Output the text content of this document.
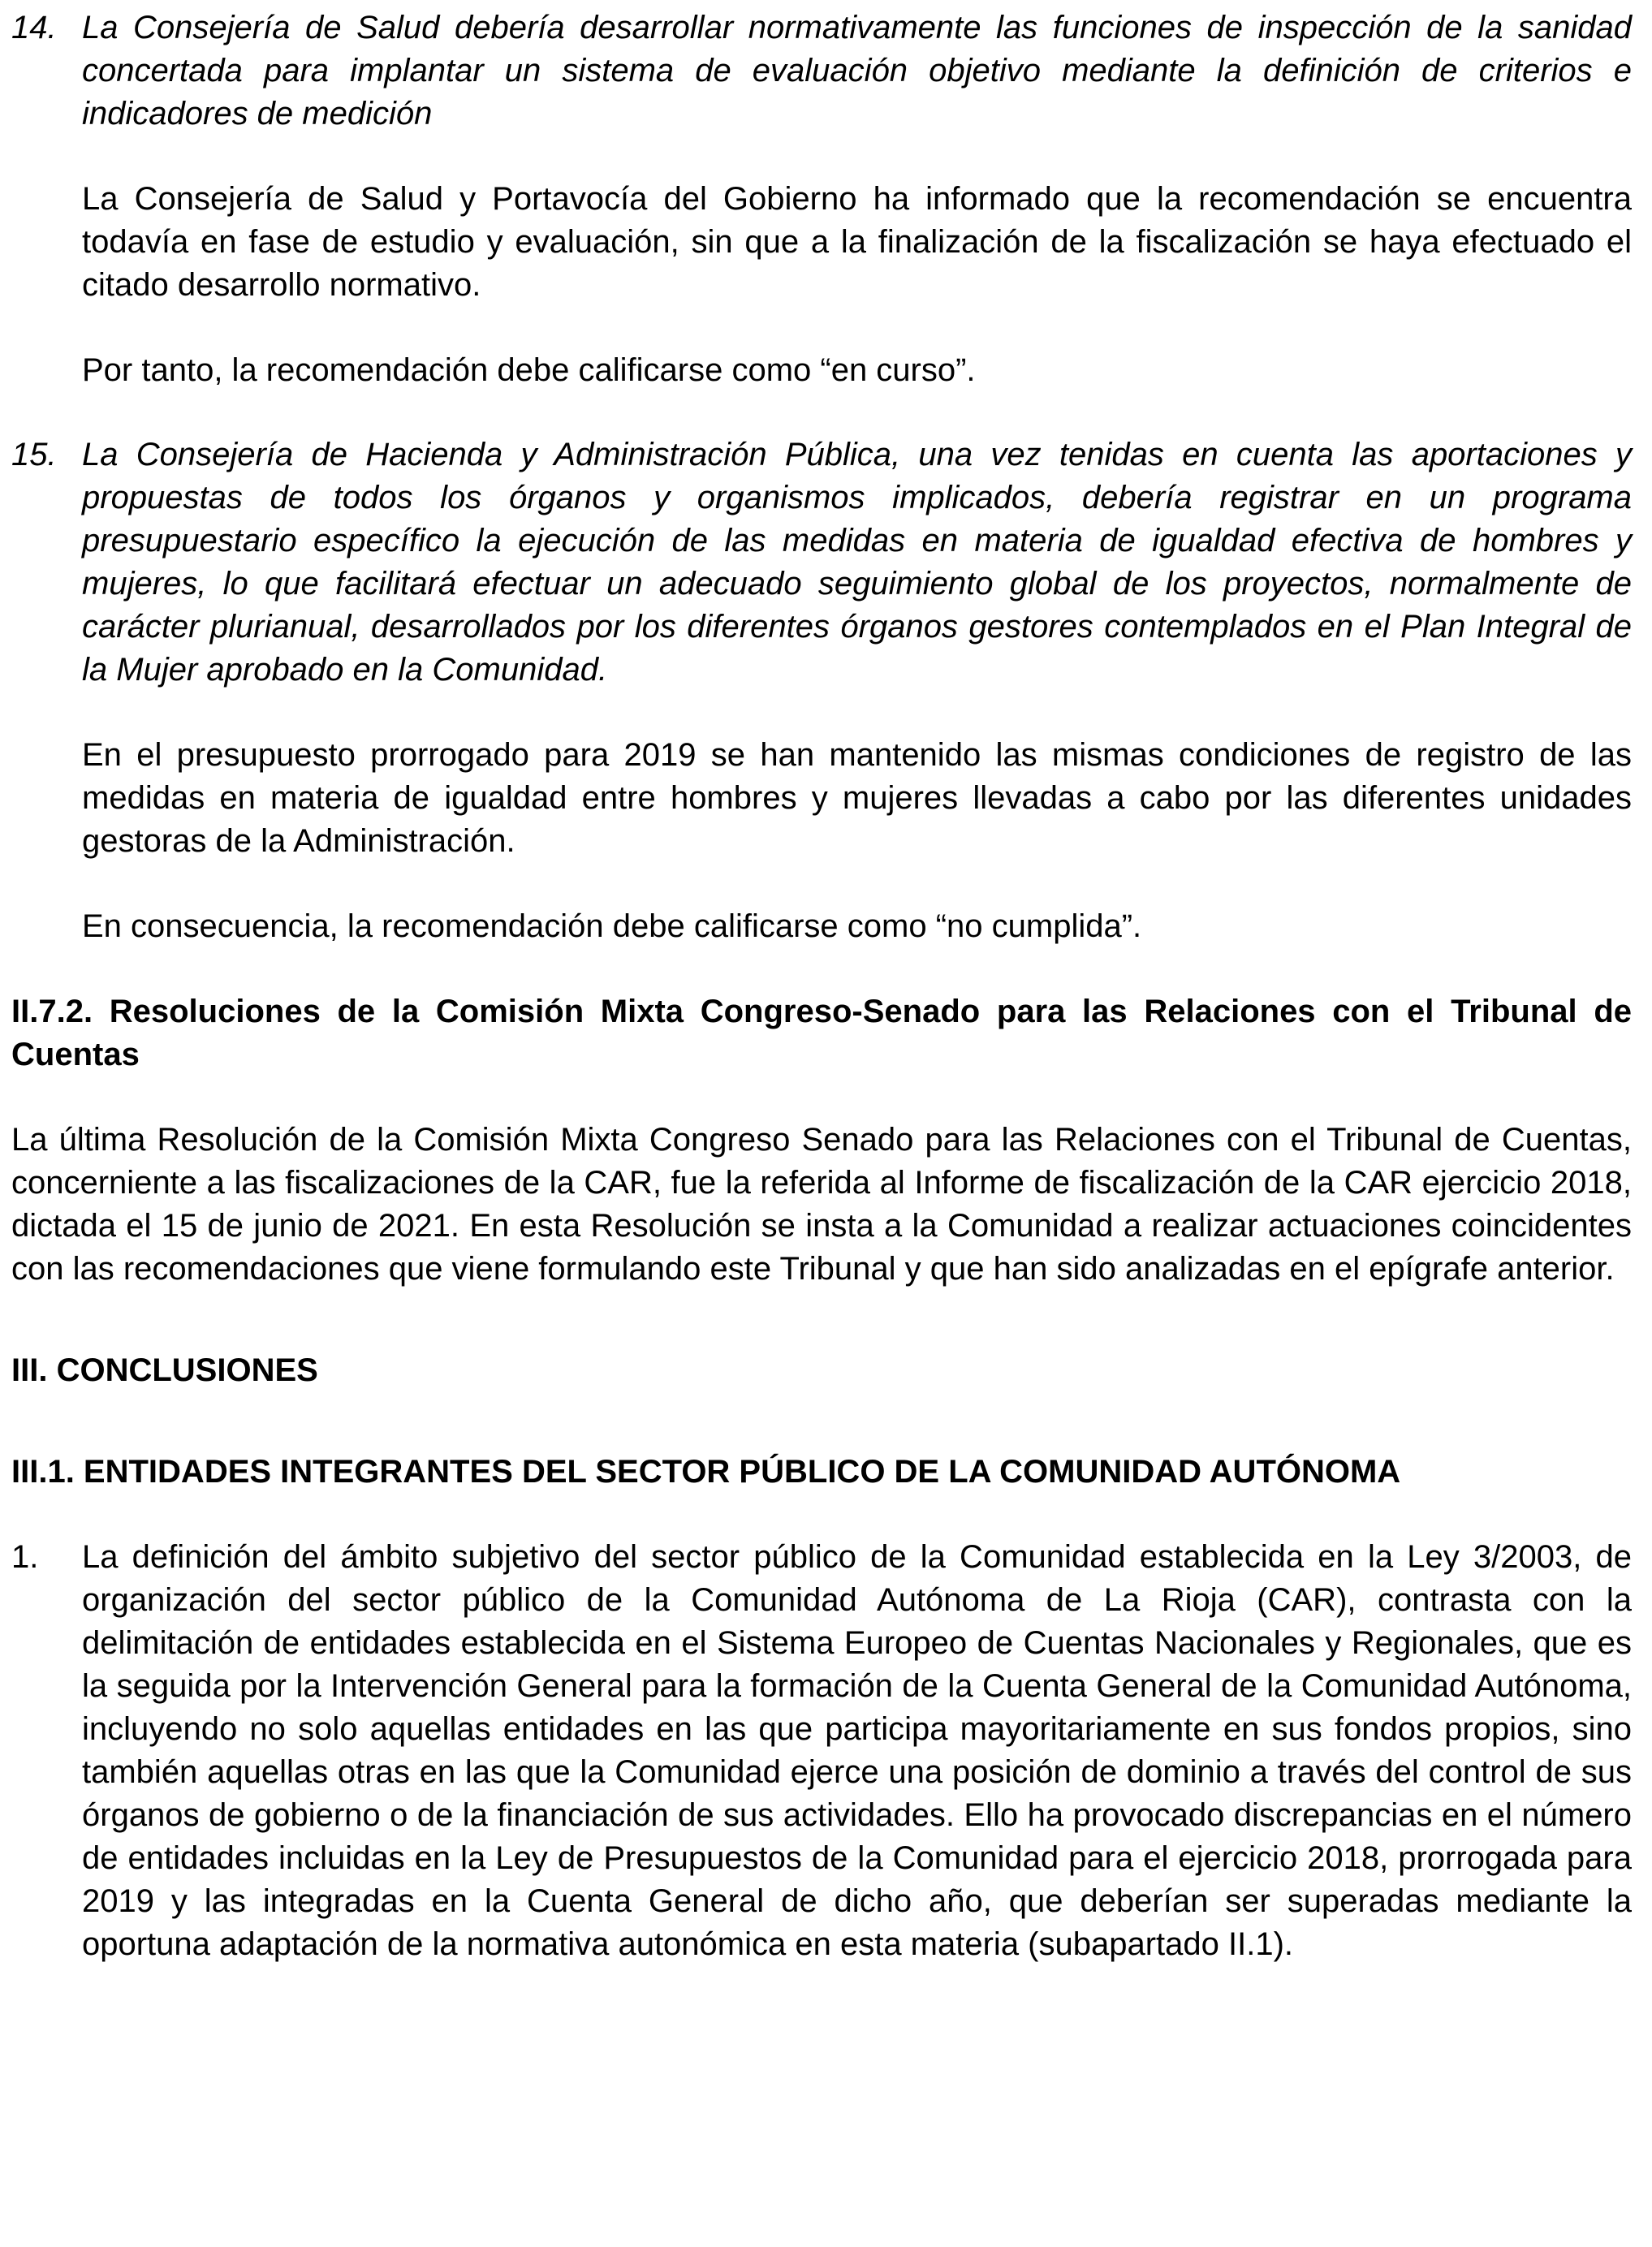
14. La Consejería de Salud debería desarrollar normativamente las funciones de inspección de la sanidad concertada para implantar un sistema de evaluación objetivo mediante la definición de criterios e indicadores de medición

La Consejería de Salud y Portavocía del Gobierno ha informado que la recomendación se encuentra todavía en fase de estudio y evaluación, sin que a la finalización de la fiscalización se haya efectuado el citado desarrollo normativo.

Por tanto, la recomendación debe calificarse como “en curso”.

15. La Consejería de Hacienda y Administración Pública, una vez tenidas en cuenta las aportaciones y propuestas de todos los órganos y organismos implicados, debería registrar en un programa presupuestario específico la ejecución de las medidas en materia de igualdad efectiva de hombres y mujeres, lo que facilitará efectuar un adecuado seguimiento global de los proyectos, normalmente de carácter plurianual, desarrollados por los diferentes órganos gestores contemplados en el Plan Integral de la Mujer aprobado en la Comunidad.

En el presupuesto prorrogado para 2019 se han mantenido las mismas condiciones de registro de las medidas en materia de igualdad entre hombres y mujeres llevadas a cabo por las diferentes unidades gestoras de la Administración.

En consecuencia, la recomendación debe calificarse como “no cumplida”.

II.7.2. Resoluciones de la Comisión Mixta Congreso-Senado para las Relaciones con el Tribunal de Cuentas

La última Resolución de la Comisión Mixta Congreso Senado para las Relaciones con el Tribunal de Cuentas, concerniente a las fiscalizaciones de la CAR, fue la referida al Informe de fiscalización de la CAR ejercicio 2018, dictada el 15 de junio de 2021. En esta Resolución se insta a la Comunidad a realizar actuaciones coincidentes con las recomendaciones que viene formulando este Tribunal y que han sido analizadas en el epígrafe anterior.

III. CONCLUSIONES

III.1. ENTIDADES INTEGRANTES DEL SECTOR PÚBLICO DE LA COMUNIDAD AUTÓNOMA

1.	La definición del ámbito subjetivo del sector público de la Comunidad establecida en la Ley 3/2003, de organización del sector público de la Comunidad Autónoma de La Rioja (CAR), contrasta con la delimitación de entidades establecida en el Sistema Europeo de Cuentas Nacionales y Regionales, que es la seguida por la Intervención General para la formación de la Cuenta General de la Comunidad Autónoma, incluyendo no solo aquellas entidades en las que participa mayoritariamente en sus fondos propios, sino también aquellas otras en las que la Comunidad ejerce una posición de dominio a través del control de sus órganos de gobierno o de la financiación de sus actividades. Ello ha provocado discrepancias en el número de entidades incluidas en la Ley de Presupuestos de la Comunidad para el ejercicio 2018, prorrogada para 2019 y las integradas en la Cuenta General de dicho año, que deberían ser superadas mediante la oportuna adaptación de la normativa autonómica en esta materia (subapartado II.1).
